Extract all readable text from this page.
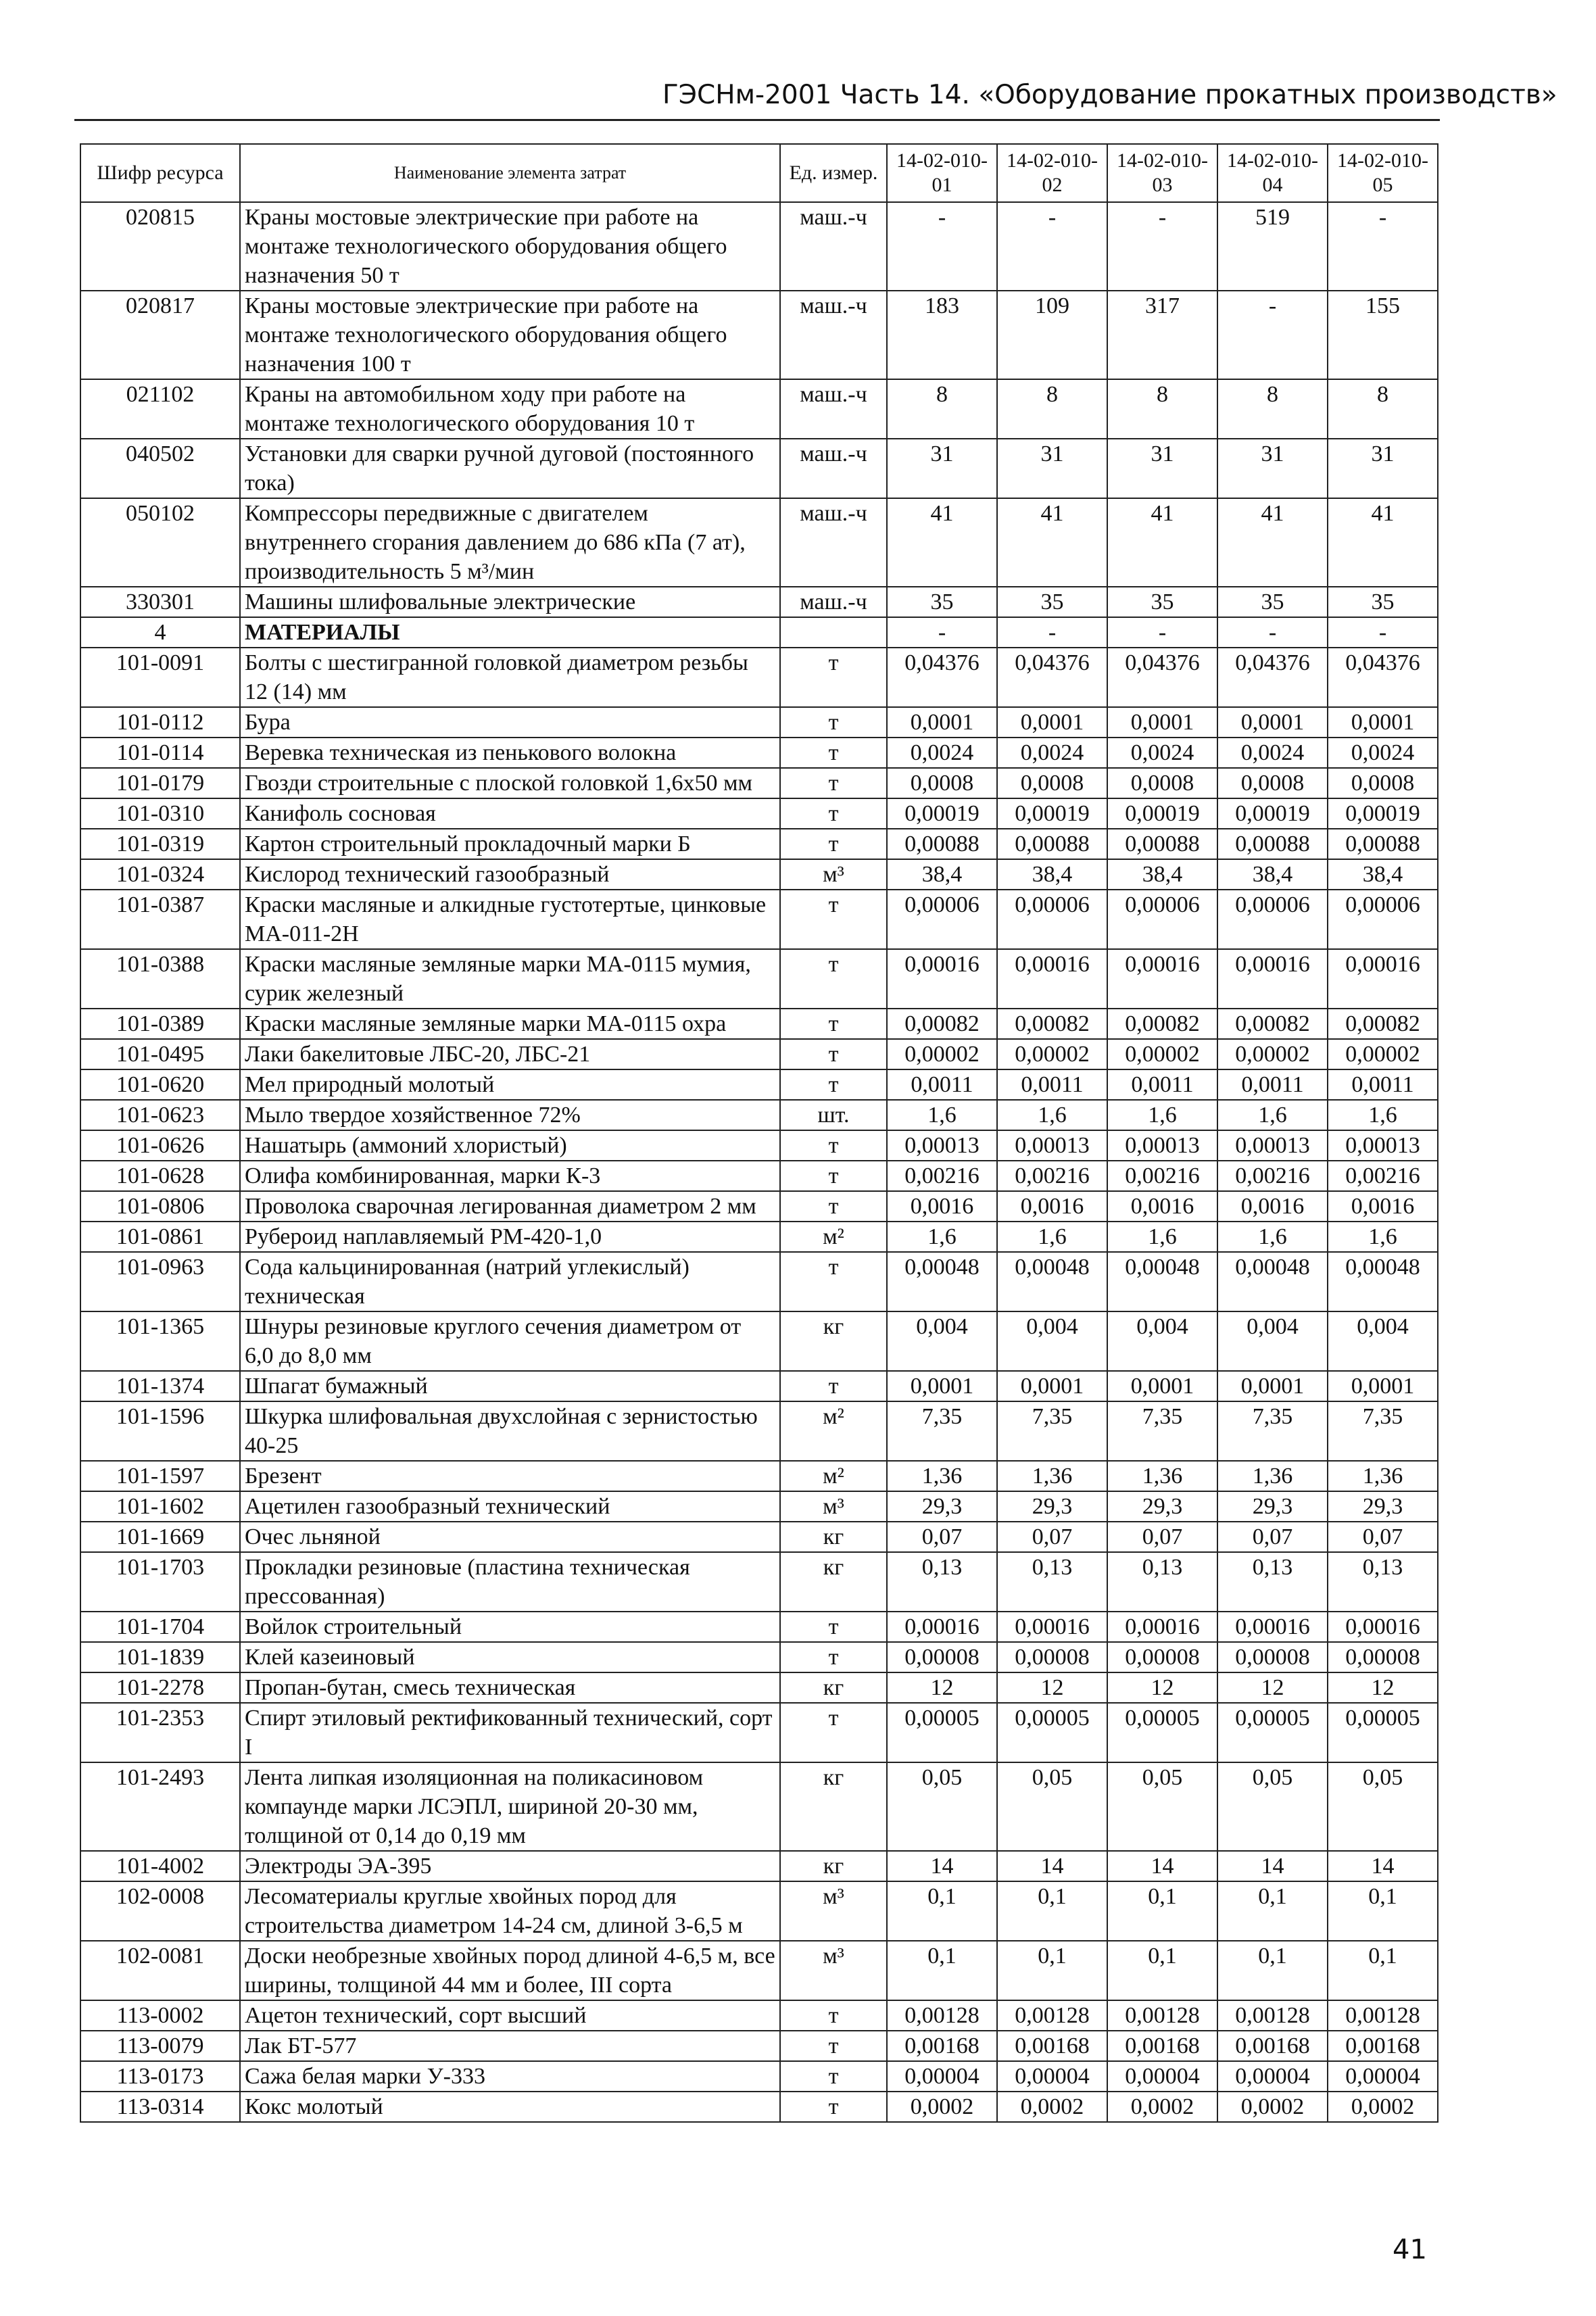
ГЭСНм-2001 Часть 14. «Оборудование прокатных производств»
Шифр ресурса	Наименование элемента затрат	Ед. измер.	14-02-010-01	14-02-010-02	14-02-010-03	14-02-010-04	14-02-010-05
020815	Краны мостовые электрические при работе на монтаже технологического оборудования общего назначения 50 т	маш.-ч	-	-	-	519	-
020817	Краны мостовые электрические при работе на монтаже технологического оборудования общего назначения 100 т	маш.-ч	183	109	317	-	155
021102	Краны на автомобильном ходу при работе на монтаже технологического оборудования 10 т	маш.-ч	8	8	8	8	8
040502	Установки для сварки ручной дуговой (постоянного тока)	маш.-ч	31	31	31	31	31
050102	Компрессоры передвижные с двигателем внутреннего сгорания давлением до 686 кПа (7 ат), производительность 5 м³/мин	маш.-ч	41	41	41	41	41
330301	Машины шлифовальные электрические	маш.-ч	35	35	35	35	35
4	МАТЕРИАЛЫ		-	-	-	-	-
101-0091	Болты с шестигранной головкой диаметром резьбы 12 (14) мм	т	0,04376	0,04376	0,04376	0,04376	0,04376
101-0112	Бура	т	0,0001	0,0001	0,0001	0,0001	0,0001
101-0114	Веревка техническая из пенькового волокна	т	0,0024	0,0024	0,0024	0,0024	0,0024
101-0179	Гвозди строительные с плоской головкой 1,6х50 мм	т	0,0008	0,0008	0,0008	0,0008	0,0008
101-0310	Канифоль сосновая	т	0,00019	0,00019	0,00019	0,00019	0,00019
101-0319	Картон строительный прокладочный марки Б	т	0,00088	0,00088	0,00088	0,00088	0,00088
101-0324	Кислород технический газообразный	м³	38,4	38,4	38,4	38,4	38,4
101-0387	Краски масляные и алкидные густотертые, цинковые МА-011-2Н	т	0,00006	0,00006	0,00006	0,00006	0,00006
101-0388	Краски масляные земляные марки МА-0115 мумия, сурик железный	т	0,00016	0,00016	0,00016	0,00016	0,00016
101-0389	Краски масляные земляные марки МА-0115 охра	т	0,00082	0,00082	0,00082	0,00082	0,00082
101-0495	Лаки бакелитовые ЛБС-20, ЛБС-21	т	0,00002	0,00002	0,00002	0,00002	0,00002
101-0620	Мел природный молотый	т	0,0011	0,0011	0,0011	0,0011	0,0011
101-0623	Мыло твердое хозяйственное 72%	шт.	1,6	1,6	1,6	1,6	1,6
101-0626	Нашатырь (аммоний хлористый)	т	0,00013	0,00013	0,00013	0,00013	0,00013
101-0628	Олифа комбинированная, марки К-3	т	0,00216	0,00216	0,00216	0,00216	0,00216
101-0806	Проволока сварочная легированная диаметром 2 мм	т	0,0016	0,0016	0,0016	0,0016	0,0016
101-0861	Рубероид наплавляемый РМ-420-1,0	м²	1,6	1,6	1,6	1,6	1,6
101-0963	Сода кальцинированная (натрий углекислый) техническая	т	0,00048	0,00048	0,00048	0,00048	0,00048
101-1365	Шнуры резиновые круглого сечения диаметром от 6,0 до 8,0 мм	кг	0,004	0,004	0,004	0,004	0,004
101-1374	Шпагат бумажный	т	0,0001	0,0001	0,0001	0,0001	0,0001
101-1596	Шкурка шлифовальная двухслойная с зернистостью 40-25	м²	7,35	7,35	7,35	7,35	7,35
101-1597	Брезент	м²	1,36	1,36	1,36	1,36	1,36
101-1602	Ацетилен газообразный технический	м³	29,3	29,3	29,3	29,3	29,3
101-1669	Очес льняной	кг	0,07	0,07	0,07	0,07	0,07
101-1703	Прокладки резиновые (пластина техническая прессованная)	кг	0,13	0,13	0,13	0,13	0,13
101-1704	Войлок строительный	т	0,00016	0,00016	0,00016	0,00016	0,00016
101-1839	Клей казеиновый	т	0,00008	0,00008	0,00008	0,00008	0,00008
101-2278	Пропан-бутан, смесь техническая	кг	12	12	12	12	12
101-2353	Спирт этиловый ректификованный технический, сорт I	т	0,00005	0,00005	0,00005	0,00005	0,00005
101-2493	Лента липкая изоляционная на поликасиновом компаунде марки ЛСЭПЛ, шириной 20-30 мм, толщиной от 0,14 до 0,19 мм	кг	0,05	0,05	0,05	0,05	0,05
101-4002	Электроды ЭА-395	кг	14	14	14	14	14
102-0008	Лесоматериалы круглые хвойных пород для строительства диаметром 14-24 см, длиной 3-6,5 м	м³	0,1	0,1	0,1	0,1	0,1
102-0081	Доски необрезные хвойных пород длиной 4-6,5 м, все ширины, толщиной 44 мм и более, III сорта	м³	0,1	0,1	0,1	0,1	0,1
113-0002	Ацетон технический, сорт высший	т	0,00128	0,00128	0,00128	0,00128	0,00128
113-0079	Лак БТ-577	т	0,00168	0,00168	0,00168	0,00168	0,00168
113-0173	Сажа белая марки У-333	т	0,00004	0,00004	0,00004	0,00004	0,00004
113-0314	Кокс молотый	т	0,0002	0,0002	0,0002	0,0002	0,0002
41
